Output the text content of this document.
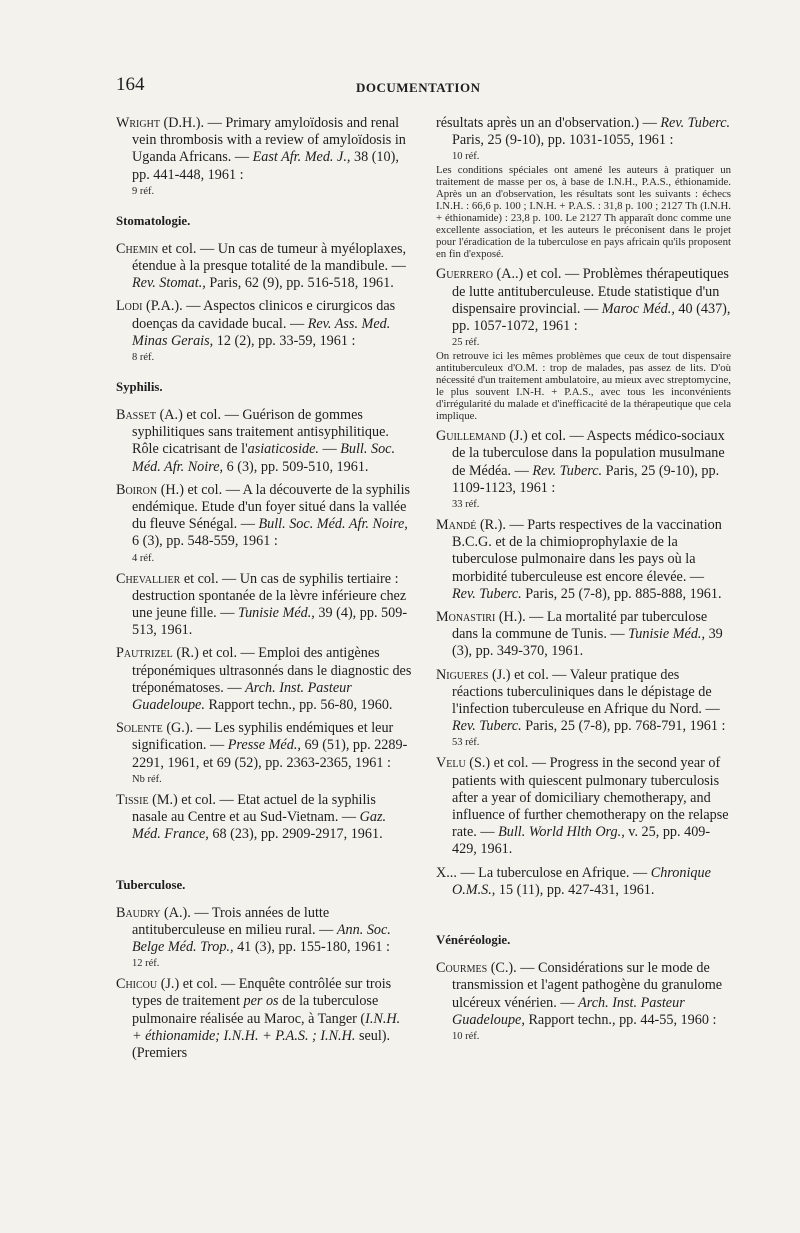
164	DOCUMENTATION

Wright (D.H.). — Primary amyloïdosis and renal vein thrombosis with a review of amyloïdosis in Uganda Africans. — East Afr. Med. J., 38 (10), pp. 441-448, 1961 :

9 réf.
Stomatologie.

Chemin et col. — Un cas de tumeur à myéloplaxes, étendue à la presque totalité de la mandibule. — Rev. Stomat., Paris, 62 (9), pp. 516-518, 1961.

Lodi (P.A.). — Aspectos clinicos e cirurgicos das doenças da cavidade bucal. — Rev. Ass. Med. Minas Gerais, 12 (2), pp. 33-59, 1961 :

8 réf.
Syphilis.

Basset (A.) et col. — Guérison de gommes syphilitiques sans traitement antisyphilitique. Rôle cicatrisant de l'asiaticoside. — Bull. Soc. Méd. Afr. Noire, 6 (3), pp. 509-510, 1961.

Boiron (H.) et col. — A la découverte de la syphilis endémique. Etude d'un foyer situé dans la vallée du fleuve Sénégal. — Bull. Soc. Méd. Afr. Noire, 6 (3), pp. 548-559, 1961 :

4 réf.

Chevallier et col. — Un cas de syphilis tertiaire : destruction spontanée de la lèvre inférieure chez une jeune fille. — Tunisie Méd., 39 (4), pp. 509-513, 1961.

Pautrizel (R.) et col. — Emploi des antigènes tréponémiques ultrasonnés dans le diagnostic des tréponématoses. — Arch. Inst. Pasteur Guadeloupe. Rapport techn., pp. 56-80, 1960.

Solente (G.). — Les syphilis endémiques et leur signification. — Presse Méd., 69 (51), pp. 2289-2291, 1961, et 69 (52), pp. 2363-2365, 1961 :

Nb réf.

Tissie (M.) et col. — Etat actuel de la syphilis nasale au Centre et au Sud-Vietnam. — Gaz. Méd. France, 68 (23), pp. 2909-2917, 1961.

Tuberculose.

Baudry (A.). — Trois années de lutte antituberculeuse en milieu rural. — Ann. Soc. Belge Méd. Trop., 41 (3), pp. 155-180, 1961 :

12 réf.

Chicou (J.) et col. — Enquête contrôlée sur trois types de traitement per os de la tuberculose pulmonaire réalisée au Maroc, à Tanger (I.N.H. + éthionamide; I.N.H. + P.A.S. ; I.N.H. seul). (Premiers

résultats après un an d'observation.) — Rev. Tuberc. Paris, 25 (9-10), pp. 1031-1055, 1961 :

10 réf.
Les conditions spéciales ont amené les auteurs à pratiquer un traitement de masse per os, à base de I.N.H., P.A.S., éthionamide. Après un an d'observation, les résultats sont les suivants : échecs I.N.H. : 66,6 p. 100 ; I.N.H. + P.A.S. : 31,8 p. 100 ; 2127 Th (I.N.H. + éthionamide) : 23,8 p. 100. Le 2127 Th apparaît donc comme une excellente association, et les auteurs le préconisent dans le projet pour l'éradication de la tuberculose en pays africain qu'ils proposent en fin d'exposé.

Guerrero (A..) et col. — Problèmes thérapeutiques de lutte antituberculeuse. Etude statistique d'un dispensaire provincial. — Maroc Méd., 40 (437), pp. 1057-1072, 1961 :

25 réf.
On retrouve ici les mêmes problèmes que ceux de tout dispensaire antituberculeux d'O.M. : trop de malades, pas assez de lits. D'où nécessité d'un traitement ambulatoire, au mieux avec streptomycine, le plus souvent I.N-H. + P.A.S., avec tous les inconvénients d'irrégularité du malade et d'inefficacité de la thérapeutique que cela implique.

Guillemand (J.) et col. — Aspects médico-sociaux de la tuberculose dans la population musulmane de Médéa. — Rev. Tuberc. Paris, 25 (9-10), pp. 1109-1123, 1961 :

33 réf.

Mandé (R.). — Parts respectives de la vaccination B.C.G. et de la chimioprophylaxie de la tuberculose pulmonaire dans les pays où la morbidité tuberculeuse est encore élevée. — Rev. Tuberc. Paris, 25 (7-8), pp. 885-888, 1961.

Monastiri (H.). — La mortalité par tuberculose dans la commune de Tunis. — Tunisie Méd., 39 (3), pp. 349-370, 1961.

Nigueres (J.) et col. — Valeur pratique des réactions tuberculiniques dans le dépistage de l'infection tuberculeuse en Afrique du Nord. — Rev. Tuberc. Paris, 25 (7-8), pp. 768-791, 1961 :

53 réf.

Velu (S.) et col. — Progress in the second year of patients with quiescent pulmonary tuberculosis after a year of domiciliary chemotherapy, and influence of further chemotherapy on the relapse rate. — Bull. World Hlth Org., v. 25, pp. 409-429, 1961.

X... — La tuberculose en Afrique. — Chronique O.M.S., 15 (11), pp. 427-431, 1961.

Vénéréologie.

Courmes (C.). — Considérations sur le mode de transmission et l'agent pathogène du granulome ulcéreux vénérien. — Arch. Inst. Pasteur Guadeloupe, Rapport techn., pp. 44-55, 1960 :

10 réf.
